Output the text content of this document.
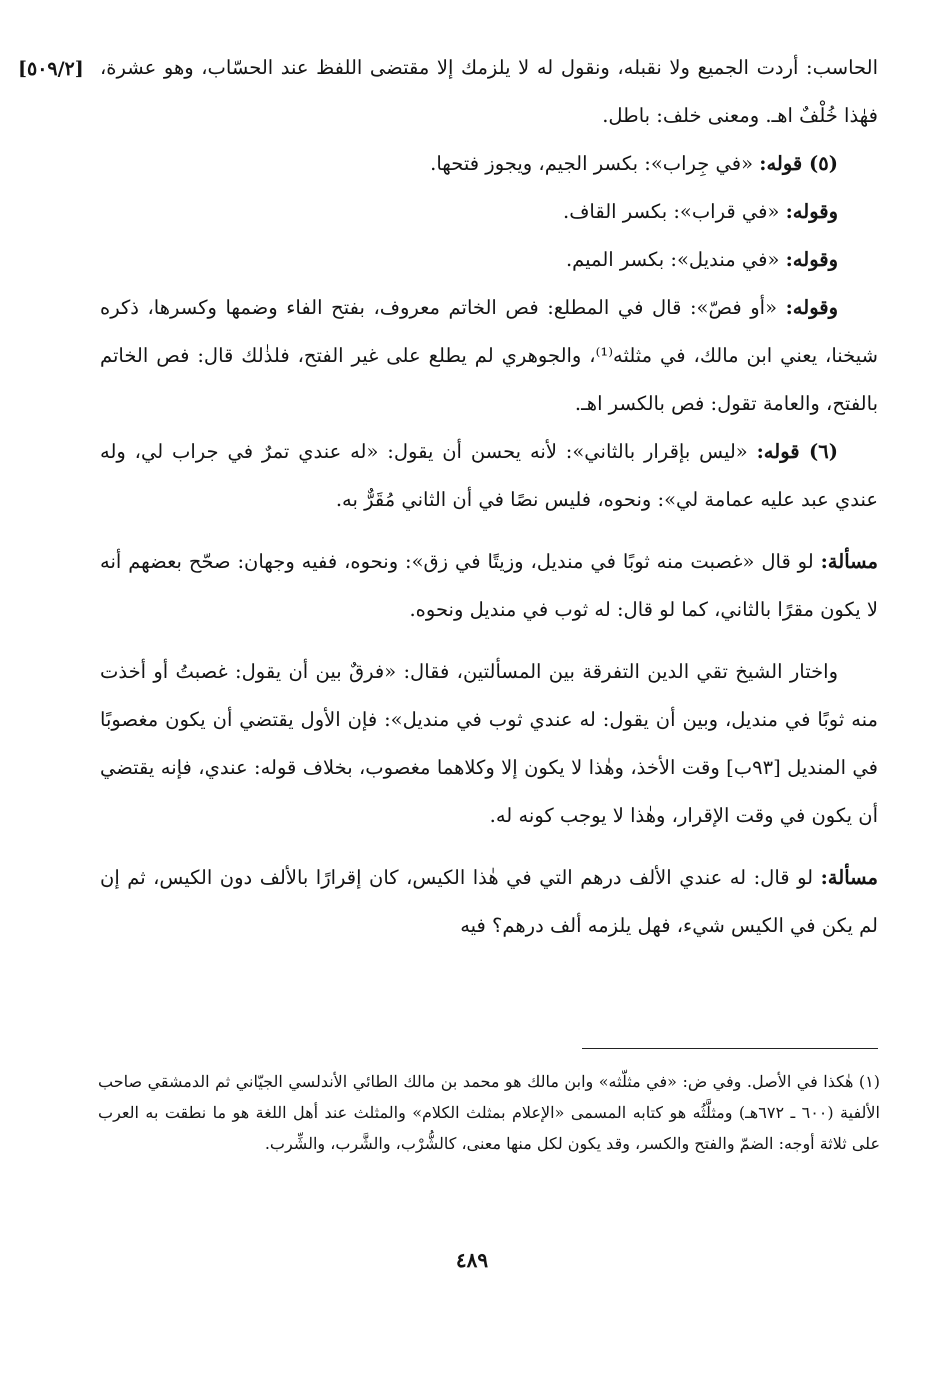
[٥٠٩/٢] الحاسب: أردت الجميع ولا نقبله، ونقول له لا يلزمك إلا مقتضى اللفظ عند الحسّاب، وهو عشرة، فهٰذا خُلْفٌ اهـ. ومعنى خلف: باطل.

(٥) قوله: «في جِراب»: بكسر الجيم، ويجوز فتحها.

وقوله: «في قراب»: بكسر القاف.

وقوله: «في منديل»: بكسر الميم.

وقوله: «أو فصّ»: قال في المطلع: فص الخاتم معروف، بفتح الفاء وضمها وكسرها، ذكره شيخنا، يعني ابن مالك، في مثلثه⁽¹⁾، والجوهري لم يطلع على غير الفتح، فلذٰلك قال: فص الخاتم بالفتح، والعامة تقول: فص بالكسر اهـ.

(٦) قوله: «ليس بإقرار بالثاني»: لأنه يحسن أن يقول: «له عندي تمرٌ في جراب لي، وله عندي عبد عليه عمامة لي»: ونحوه، فليس نصًا في أن الثاني مُقَرٌّ به.

مسألة: لو قال «غصبت منه ثوبًا في منديل، وزيتًا في زق»: ونحوه، ففيه وجهان: صحّح بعضهم أنه لا يكون مقرًا بالثاني، كما لو قال: له ثوب في منديل ونحوه.

واختار الشيخ تقي الدين التفرقة بين المسألتين، فقال: «فرقٌ بين أن يقول: غصبتُ أو أخذت منه ثوبًا في منديل، وبين أن يقول: له عندي ثوب في منديل»: فإن الأول يقتضي أن يكون مغصوبًا في المنديل [٩٣ب] وقت الأخذ، وهٰذا لا يكون إلا وكلاهما مغصوب، بخلاف قوله: عندي، فإنه يقتضي أن يكون في وقت الإقرار، وهٰذا لا يوجب كونه له.

مسألة: لو قال: له عندي الألف درهم التي في هٰذا الكيس، كان إقرارًا بالألف دون الكيس، ثم إن لم يكن في الكيس شيء، فهل يلزمه ألف درهم؟ فيه

(١) هٰكذا في الأصل. وفي ض: «في مثلّثه» وابن مالك هو محمد بن مالك الطائي الأندلسي الجيّاني ثم الدمشقي صاحب الألفية (٦٠٠ ـ ٦٧٢هـ) ومثلَّثُه هو كتابه المسمى «الإعلام بمثلث الكلام» والمثلث عند أهل اللغة هو ما نطقت به العرب على ثلاثة أوجه: الضمّ والفتح والكسر، وقد يكون لكل منها معنى، كالشُّرْب، والشَّرب، والشِّرب.

٤٨٩
